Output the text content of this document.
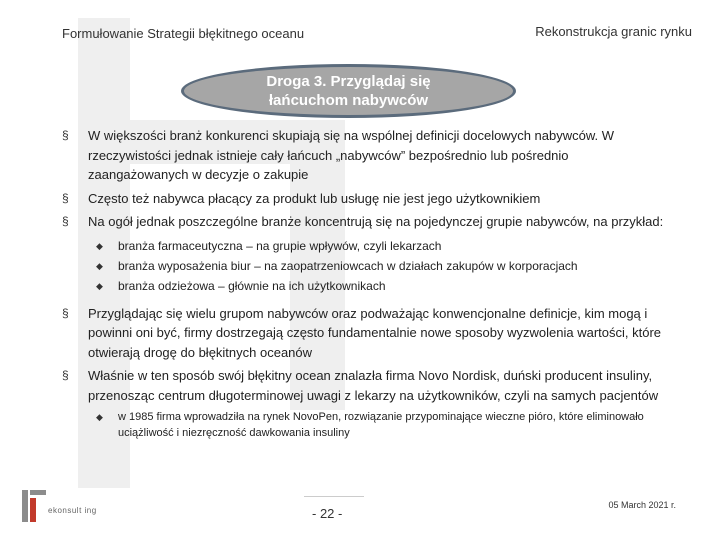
Formułowanie Strategii błękitnego oceanu	Rekonstrukcja granic rynku
Droga 3. Przyglądaj się łańcuchom nabywców
§ W większości branż konkurenci skupiają się na wspólnej definicji docelowych nabywców. W rzeczywistości jednak istnieje cały łańcuch „nabywców” bezpośrednio lub pośrednio zaangażowanych w decyzje o zakupie
§ Często też nabywca płacący za produkt lub usługę nie jest jego użytkownikiem
§ Na ogół jednak poszczególne branże koncentrują się na pojedynczej grupie nabywców, na przykład:
◆ branża farmaceutyczna – na grupie wpływów, czyli lekarzach
◆ branża wyposażenia biur – na zaopatrzeniowcach w działach zakupów w korporacjach
◆ branża odzieżowa – głównie na ich użytkownikach
§ Przyglądając się wielu grupom nabywców oraz podważając konwencjonalne definicje, kim mogą i powinni oni być, firmy dostrzegają często fundamentalnie nowe sposoby wyzwolenia wartości, które otwierają drogę do błękitnych oceanów
§ Właśnie w ten sposób swój błękitny ocean znalazła firma Novo Nordisk, duński producent insuliny, przenosząc centrum długoterminowej uwagi z lekarzy na użytkowników, czyli na samych pacjentów
◆ w 1985 firma wprowadziła na rynek NovoPen, rozwiązanie przypominające wieczne pióro, które eliminowało uciążliwość i niezręczność dawkowania insuliny
ekonsult ing	- 22 -
05 March 2021 r.
